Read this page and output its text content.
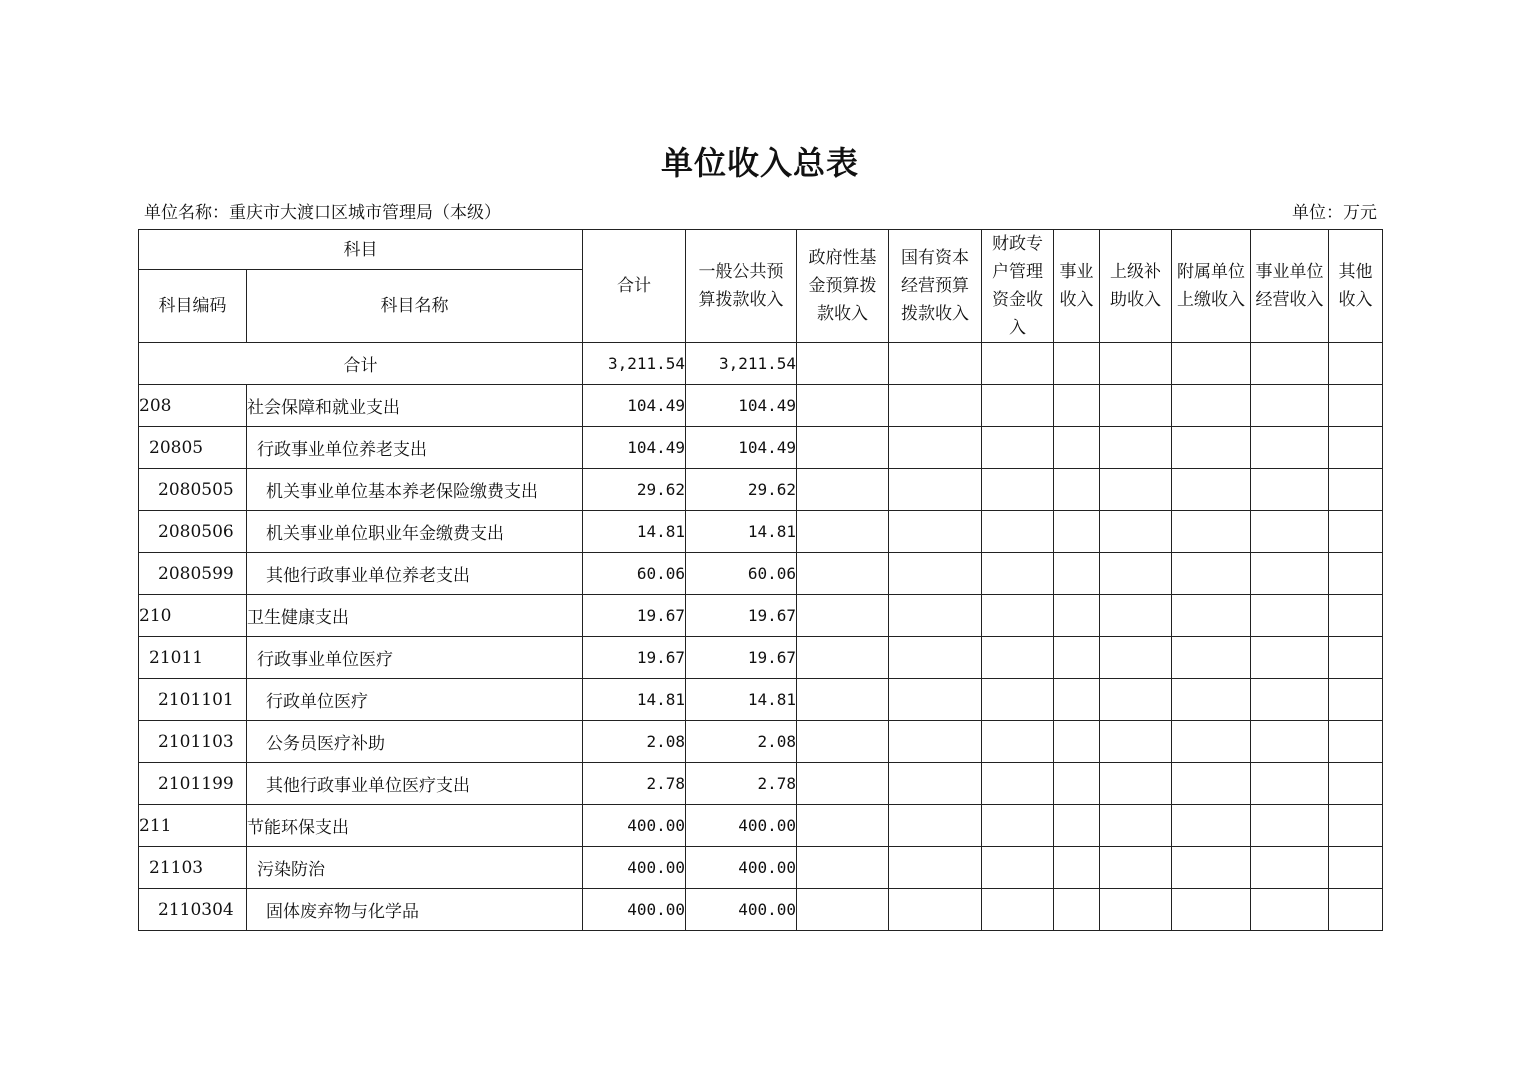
单位收入总表
单位名称：重庆市大渡口区城市管理局（本级）	单位：万元
科目		合计	一般公共预算拨款收入	政府性基金预算拨款收入	国有资本经营预算拨款收入	财政专户管理资金收入	事业收入	上级补助收入	附属单位上缴收入	事业单位经营收入	其他收入
科目编码	科目名称										
合计		3,211.54	3,211.54								
208	社会保障和就业支出	104.49	104.49								
20805	行政事业单位养老支出	104.49	104.49								
2080505	机关事业单位基本养老保险缴费支出	29.62	29.62								
2080506	机关事业单位职业年金缴费支出	14.81	14.81								
2080599	其他行政事业单位养老支出	60.06	60.06								
210	卫生健康支出	19.67	19.67								
21011	行政事业单位医疗	19.67	19.67								
2101101	行政单位医疗	14.81	14.81								
2101103	公务员医疗补助	2.08	2.08								
2101199	其他行政事业单位医疗支出	2.78	2.78								
211	节能环保支出	400.00	400.00								
21103	污染防治	400.00	400.00								
2110304	固体废弃物与化学品	400.00	400.00								
